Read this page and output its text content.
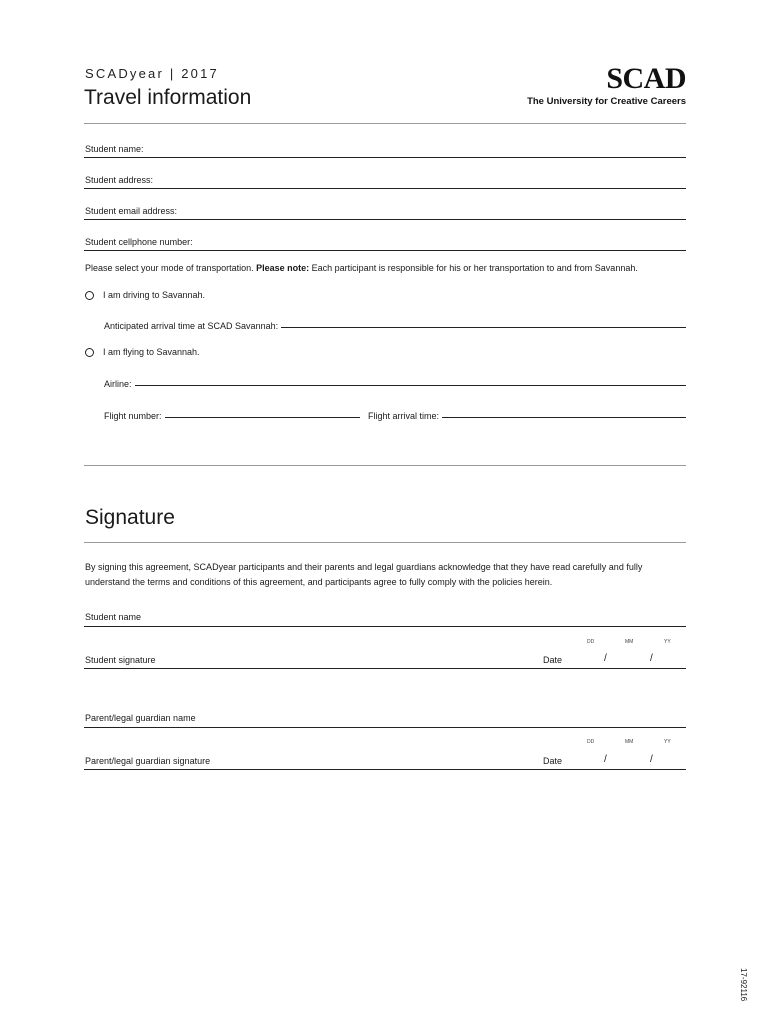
SCADyear | 2017
Travel information
SCAD
The University for Creative Careers
Student name:
Student address:
Student email address:
Student cellphone number:
Please select your mode of transportation. Please note: Each participant is responsible for his or her transportation to and from Savannah.
I am driving to Savannah.
Anticipated arrival time at SCAD Savannah:
I am flying to Savannah.
Airline:
Flight number:	Flight arrival time:
Signature
By signing this agreement, SCADyear participants and their parents and legal guardians acknowledge that they have read carefully and fully understand the terms and conditions of this agreement, and participants agree to fully comply with the policies herein.
Student name
DD	MM	YY
Student signature	Date	/	/
Parent/legal guardian name
DD	MM	YY
Parent/legal guardian signature	Date	/	/
17-92116
